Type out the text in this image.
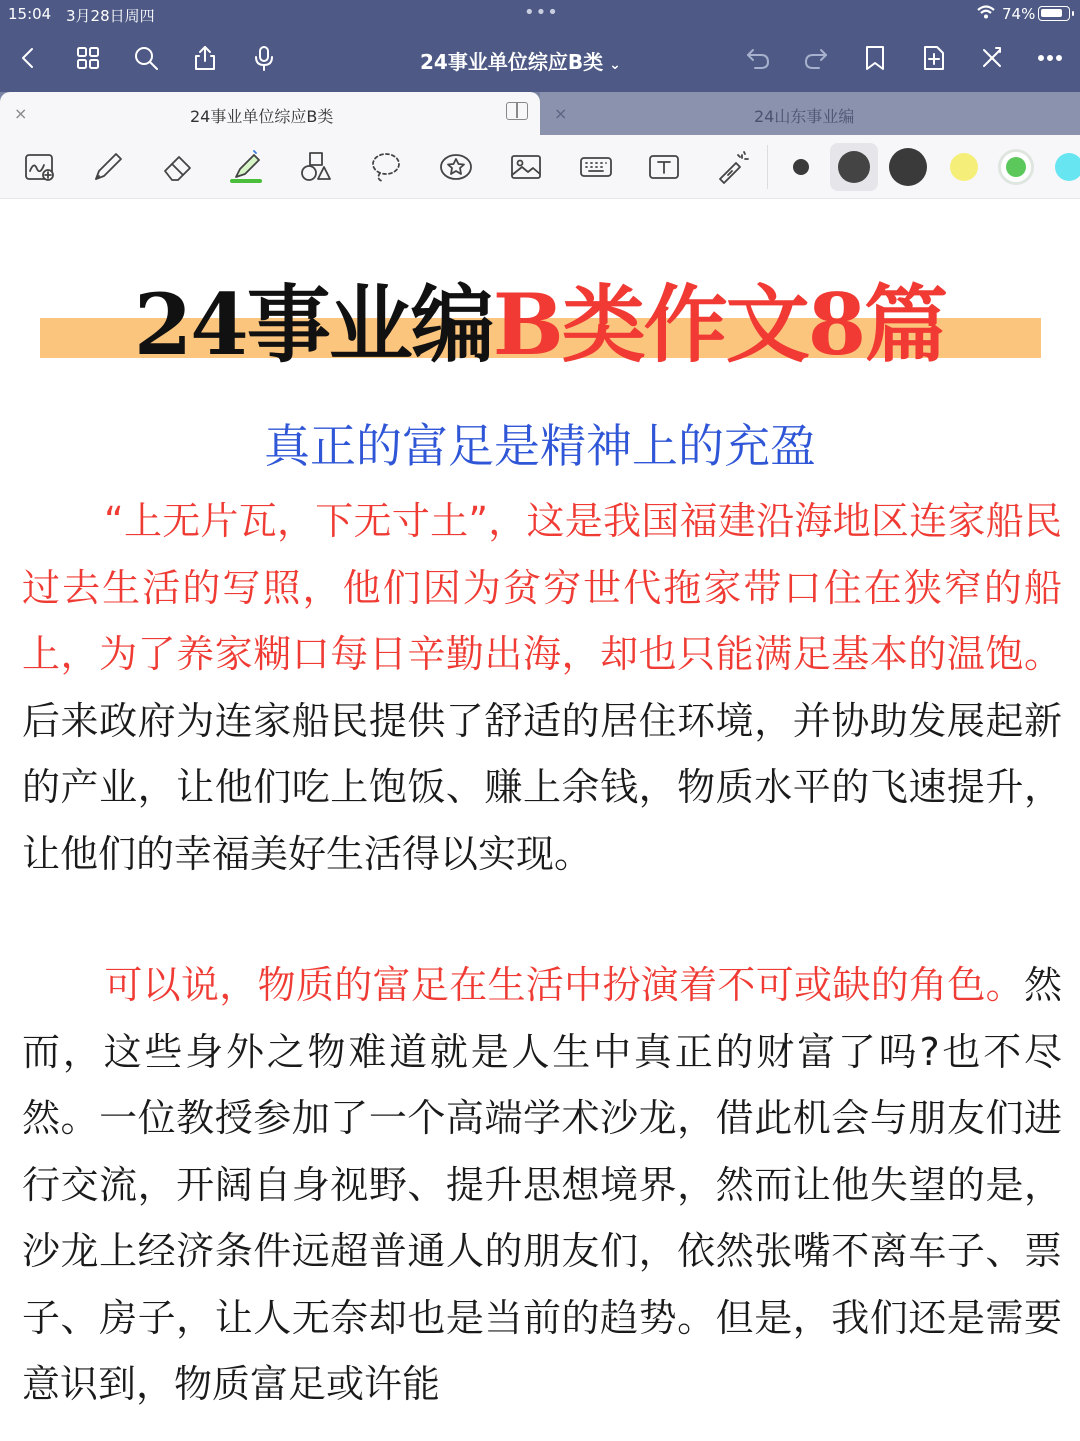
15:04 3月28日周四	•••	74%
24事业单位综应B类 ⌄
×	24事业单位综应B类	×	24山东事业编
24事业编B类作文8篇
真正的富足是精神上的充盈
“上无片瓦，下无寸土”，这是我国福建沿海地区连家船民过去生活的写照，他们因为贫穷世代拖家带口住在狭窄的船上，为了养家糊口每日辛勤出海，却也只能满足基本的温饱。后来政府为连家船民提供了舒适的居住环境，并协助发展起新的产业，让他们吃上饱饭、赚上余钱，物质水平的飞速提升，让他们的幸福美好生活得以实现。
可以说，物质的富足在生活中扮演着不可或缺的角色。然而，这些身外之物难道就是人生中真正的财富了吗?也不尽然。一位教授参加了一个高端学术沙龙，借此机会与朋友们进行交流，开阔自身视野、提升思想境界，然而让他失望的是，沙龙上经济条件远超普通人的朋友们，依然张嘴不离车子、票子、房子，让人无奈却也是当前的趋势。但是，我们还是需要意识到，物质富足或许能
